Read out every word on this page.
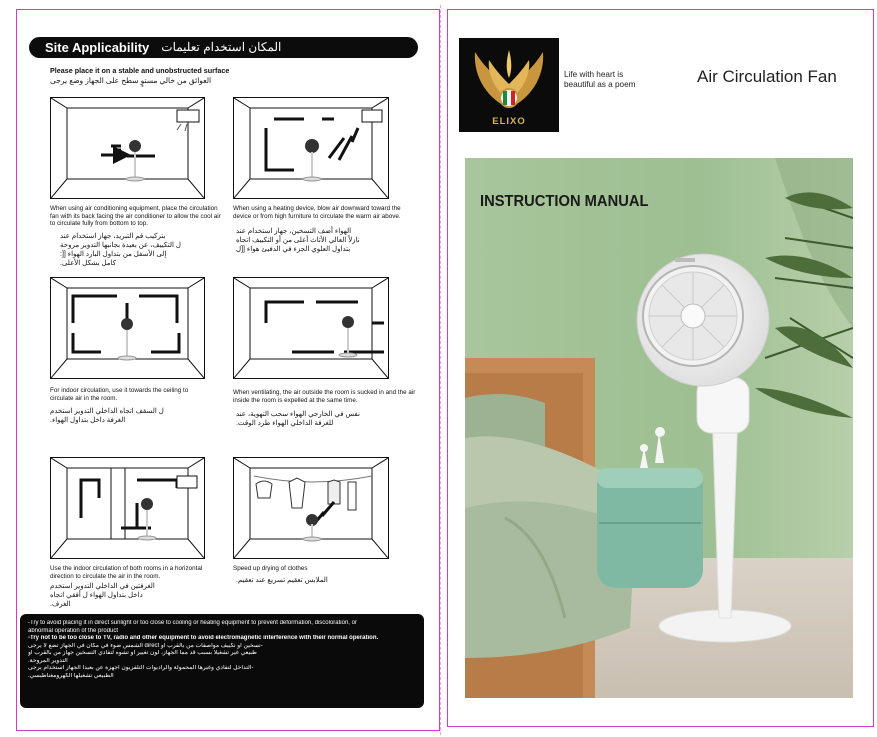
Site Applicability المكان استخدام تعليمات
Please place it on a stable and unobstructed surface
العوائق من خالي مستوٍ سطح على الجهاز وضع يرجى
When using air conditioning equipment, place the circulation fan with its back facing the air conditioner to allow the cool air to circulate fully from bottom to top.
بتركيب قم التبريد، جهاز استخدام عند
ل التكييف، عن بعيدة بجانبها التدوير مروحة
إلى الأسفل من بتداول البارد الهواء [[:
كامل بشكل الأعلى.
When using a heating device, blow air downward toward the device or from high furniture to circulate the warm air above.
الهواء أضف التسخين، جهاز استخدام عند
نازلاً العالي الأثاث أعلى من أو التكييف اتجاه
بتداول العلوي الجزء في الدفيئ هواء [[ل
For indoor circulation, use it towards the ceiling to circulate air in the room.
ل السقف اتجاه الداخلي التدوير استخدم
الغرفة داخل بتداول الهواء.
When ventilating, the air outside the room is sucked in and the air inside the room is expelled at the same time.
نفس في الخارجي الهواء سحب التهوية، عند
للغرفة الداخلي الهواء طرد الوقت.
Use the indoor circulation of both rooms in a horizontal direction to circulate the air in the room.
الغرفتين في الداخلي التدوير استخدم
داخل بتداول الهواء ل أفقي اتجاه
الغرف.
Speed up drying of clothes
الملابس تعقيم تسريع عند تعقيم.
-Try to avoid placing it in direct sunlight or too close to cooling or heating equipment to prevent deformation, discoloration, or
abnormal operation of the product
-Try not to be too close to TV, radio and other equipment to avoid electromagnetic interference with their normal operation.
-تسخين أو تكييف مواصفات من بالقرب أو direct الشمس ضوء في مكان في الجهاز تضع لا يرجى
طبيعي غير تشغيلاً بسبب قد مما الجهاز، لون تغيير أو تشوه لتفادي التسخين جهاز من بالقرب أو
التدوير المروحة.
-التداخل لتفادي وغيرها المحمولة والراديوات التلفزيون أجهزة عن بعيدا الجهاز استخدام يرجى
الطبيعي تشغيلها الكهرومغناطيسي.
ELIXO
Life with heart is
beautiful as a poem	Air Circulation Fan
INSTRUCTION MANUAL
